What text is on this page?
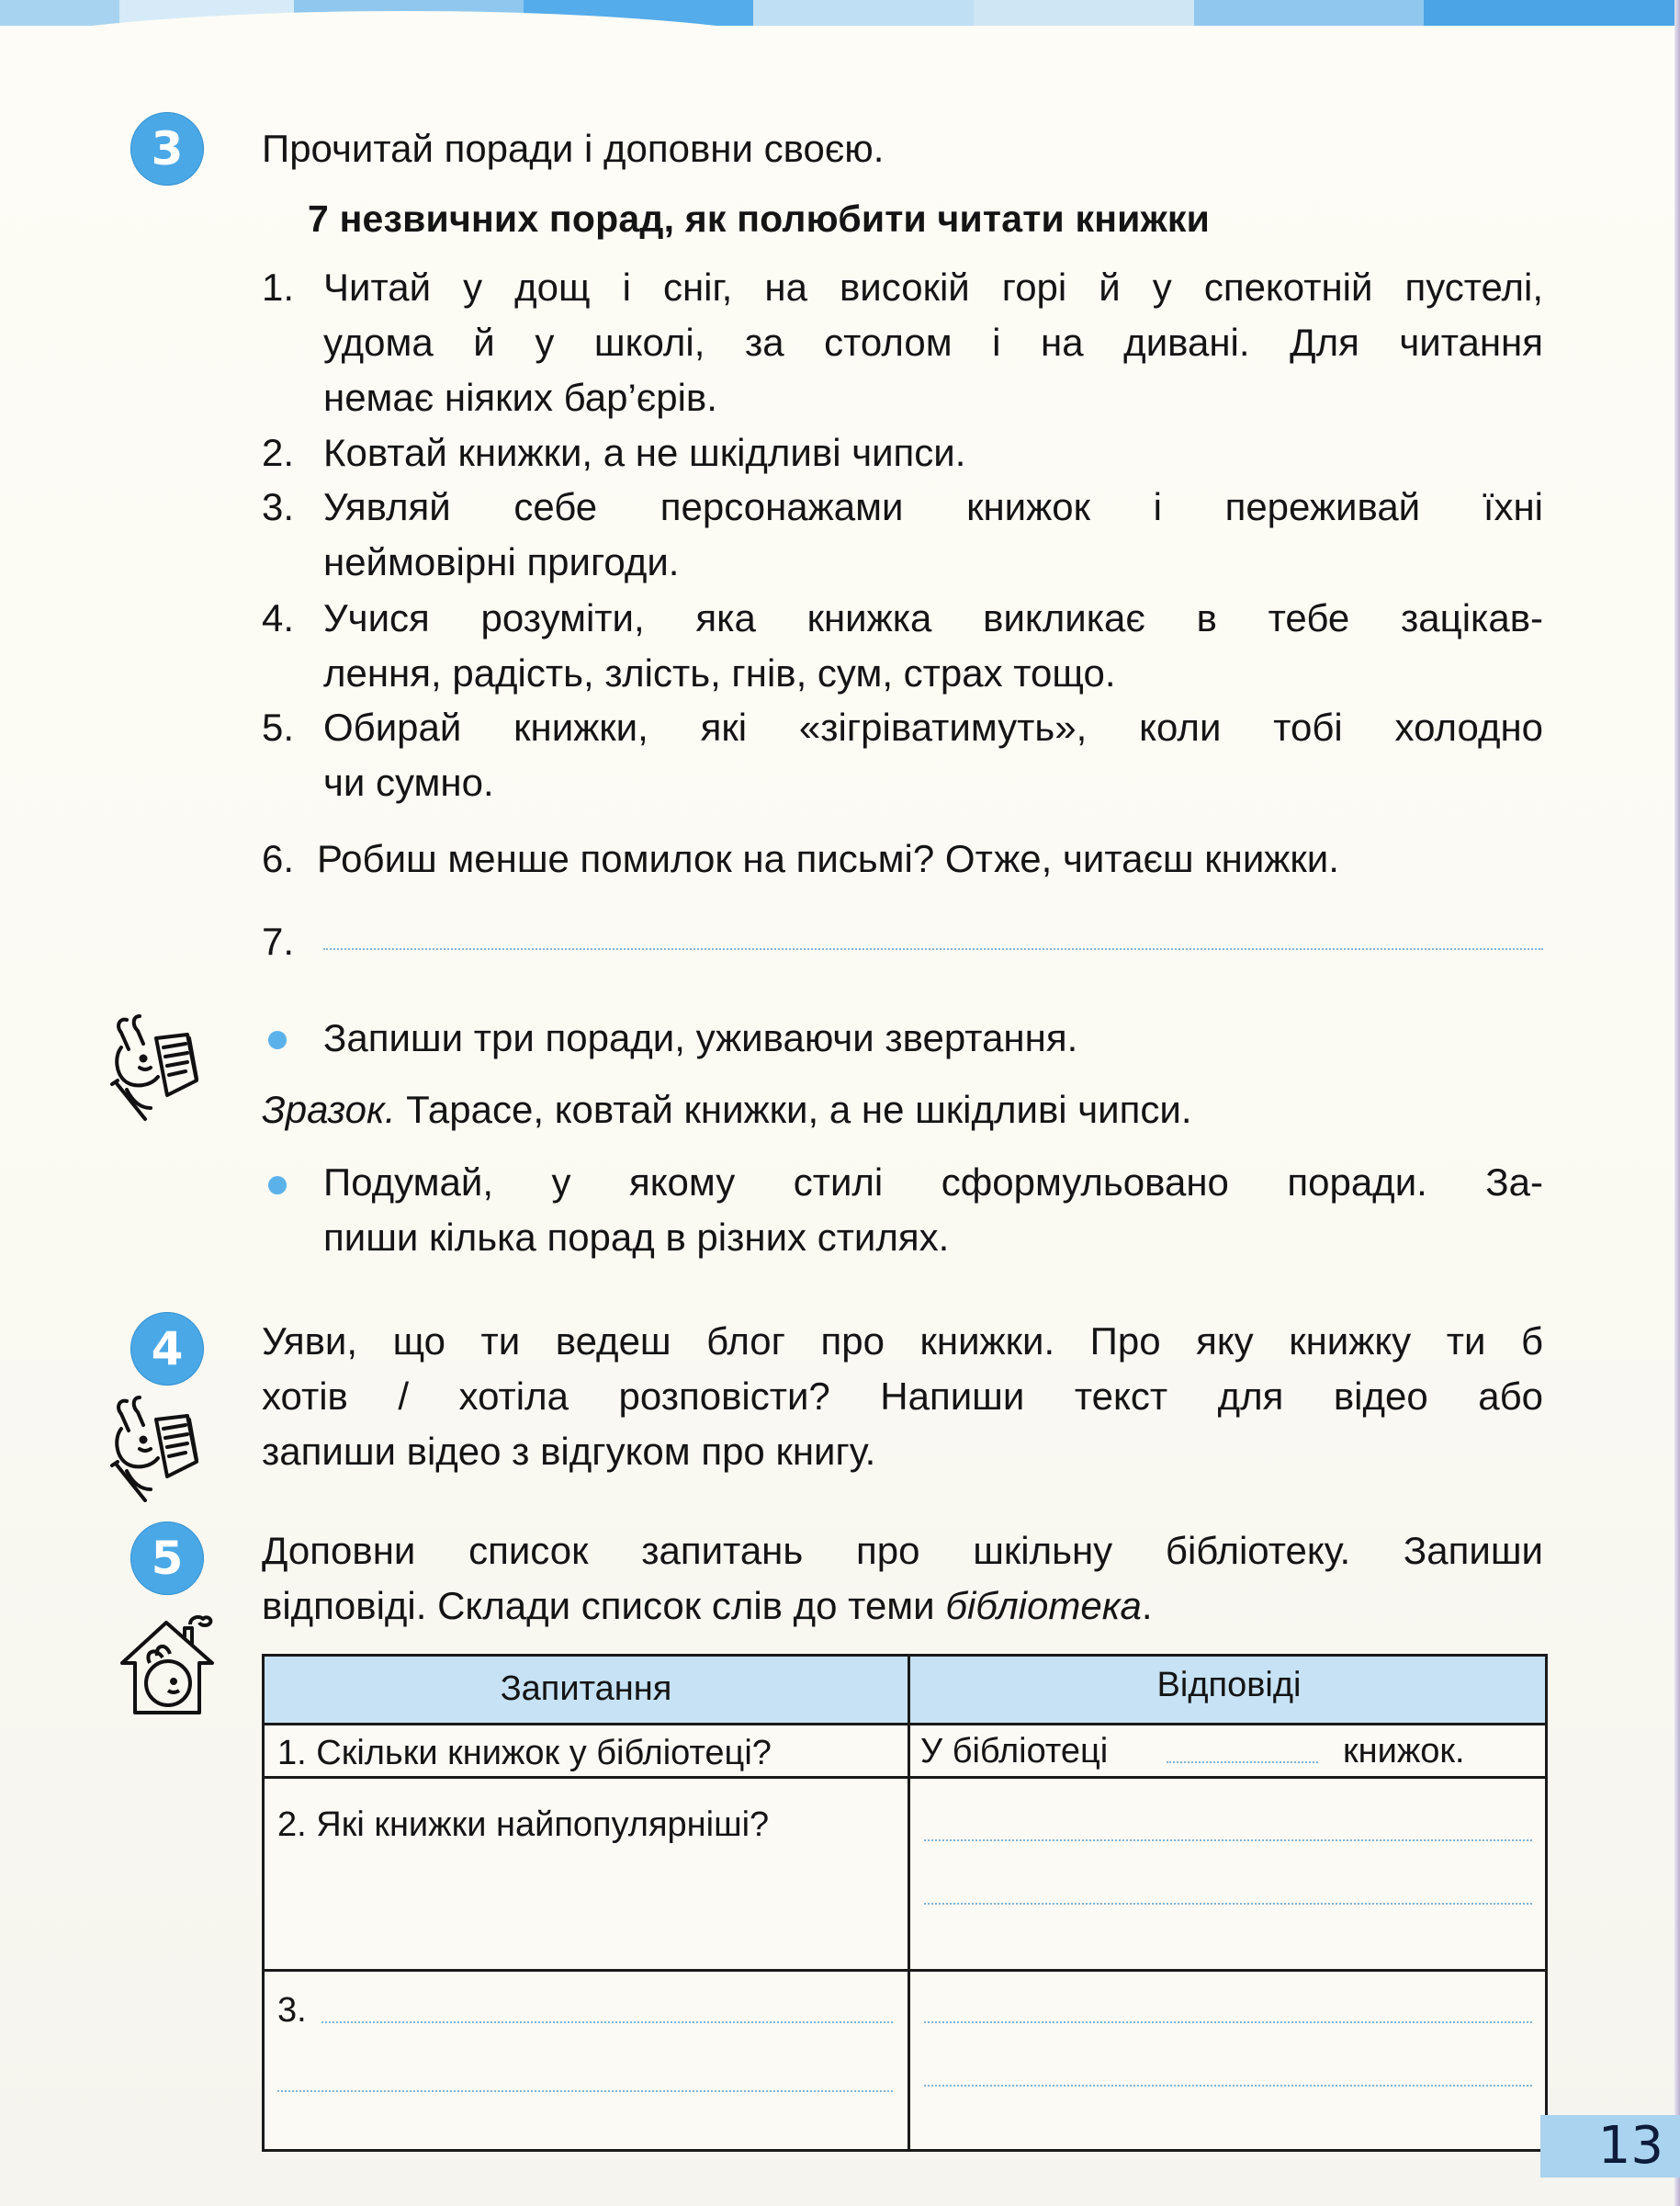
3	Прочитай поради і доповни своєю.
7 незвичних порад, як полюбити читати книжки
1. Читай у дощ і сніг, на високій горі й у спекотній пустелі,
удома й у школі, за столом і на дивані. Для читання
немає ніяких бар’єрів.
2. Ковтай книжки, а не шкідливі чипси.
3. Уявляй себе персонажами книжок і переживай їхні
неймовірні пригоди.
4. Учися розуміти, яка книжка викликає в тебе зацікав-
лення, радість, злість, гнів, сум, страх тощо.
5. Обирай книжки, які «зігріватимуть», коли тобі холодно
чи сумно.
6. Робиш менше помилок на письмі? Отже, читаєш книжки.
7.
Запиши три поради, уживаючи звертання.
Зразок. Тарасе, ковтай книжки, а не шкідливі чипси.
Подумай, у якому стилі сформульовано поради. За-
пиши кілька порад в різних стилях.
4	Уяви, що ти ведеш блог про книжки. Про яку книжку ти б
хотів / хотіла розповісти? Напиши текст для відео або
запиши відео з відгуком про книгу.
5	Доповни список запитань про шкільну бібліотеку. Запиши
відповіді. Склади список слів до теми бібліотека.
Запитання	Відповіді
1. Скільки книжок у бібліотеці?	У бібліотеці	книжок.
2. Які книжки найпопулярніші?
3.
13
